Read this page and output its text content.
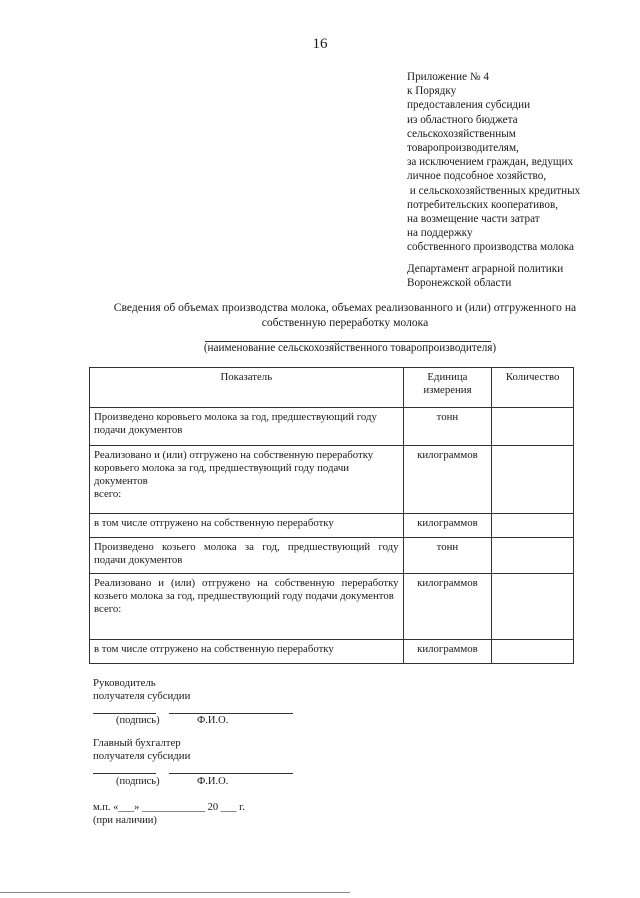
16
Приложение № 4
к Порядку
предоставления субсидии
из областного бюджета
сельскохозяйственным
товаропроизводителям,
за исключением граждан, ведущих
личное подсобное хозяйство,
и сельскохозяйственных кредитных
потребительских кооперативов,
на возмещение части затрат
на поддержку
собственного производства молока
Департамент аграрной политики
Воронежской области
Сведения об объемах производства молока, объемах реализованного и (или) отгруженного на собственную переработку молока
(наименование сельскохозяйственного товаропроизводителя)
Показатель	Единица измерения	Количество
Произведено коровьего молока за год, предшествующий году подачи документов	тонн	

Реализовано и (или) отгружено на собственную переработку коровьего молока за год, предшествующий году подачи документов
всего:	килограммов	
в том числе отгружено на собственную переработку	килограммов	
Произведено козьего молока за год, предшествующий году подачи документов	тонн	

Реализовано и (или) отгружено на собственную переработку козьего молока за год, предшествующий году подачи документов
всего:	килограммов	
в том числе отгружено на собственную переработку	килограммов	
Руководитель
получателя субсидии
(подпись)	Ф.И.О.
Главный бухгалтер
получателя субсидии
(подпись)	Ф.И.О.
м.п. «___» ____________ 20 ___ г.
(при наличии)
